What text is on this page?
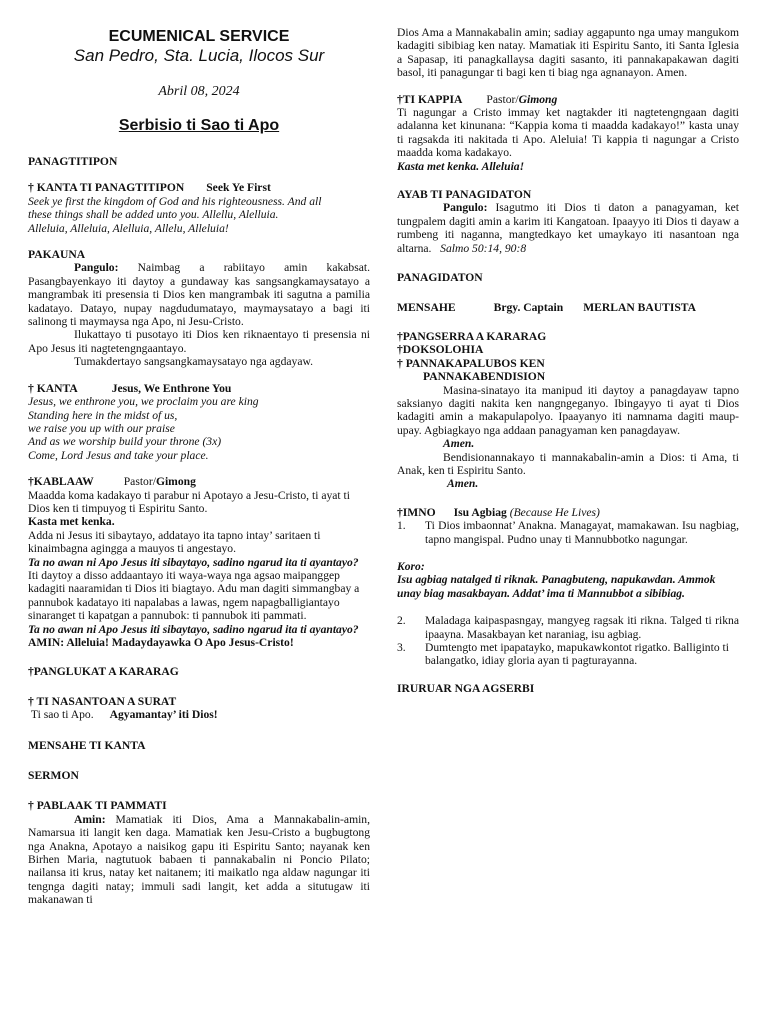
ECUMENICAL SERVICE
San Pedro, Sta. Lucia, Ilocos Sur
Abril 08, 2024
Serbisio ti Sao ti Apo

PANAGTITIPON

† KANTA TI PANAGTITIPON Seek Ye First

Seek ye first the kingdom of God and his righteousness. And all

these things shall be added unto you. Allellu, Alelluia.

Alleluia, Alleluia, Alelluia, Allelu, Alleluia!

PAKAUNA

Pangulo: Naimbag a rabiitayo amin kakabsat. Pasangbayenkayo iti daytoy a gundaway kas sangsangkamaysatayo a mangrambak iti presensia ti Dios ken mangrambak iti sagutna a pamilia kadatayo. Datayo, nupay nagdudumatayo, maymaysatayo a bagi iti salinong ti maymaysa nga Apo, ni Jesu-Cristo.

Ilukattayo ti pusotayo iti Dios ken riknaentayo ti presensia ni Apo Jesus iti nagtetengngaantayo.

Tumakdertayo sangsangkamaysatayo nga agdayaw.

† KANTA	Jesus, We Enthrone You

Jesus, we enthrone you, we proclaim you are king

Standing here in the midst of us,

we raise you up with our praise

And as we worship build your throne (3x)

Come, Lord Jesus and take your place.

†KABLAAW	Pastor/Gimong

Maadda koma kadakayo ti parabur ni Apotayo a Jesu-Cristo, ti ayat ti Dios ken ti timpuyog ti Espiritu Santo.

Kasta met kenka.

Adda ni Jesus iti sibaytayo, addatayo ita tapno intay’ saritaen ti kinaimbagna agingga a mauyos ti angestayo.

Ta no awan ni Apo Jesus iti sibaytayo, sadino ngarud ita ti ayantayo?

Iti daytoy a disso addaantayo iti waya-waya nga agsao maipanggep kadagiti naaramidan ti Dios iti biagtayo. Adu man dagiti simmangbay a pannubok kadatayo iti napalabas a lawas, ngem napagballigiantayo sinaranget ti kapatgan a pannubok: ti pannubok iti pammati.

Ta no awan ni Apo Jesus iti sibaytayo, sadino ngarud ita ti ayantayo?

AMIN: Alleluia! Madaydayawka O Apo Jesus-Cristo!

†PANGLUKAT A KARARAG

† TI NASANTOAN A SURAT

Ti sao ti Apo. Agyamantay’ iti Dios!

MENSAHE TI KANTA

SERMON

† PABLAAK TI PAMMATI

Amin: Mamatiak iti Dios, Ama a Mannakabalin-amin, Namarsua iti langit ken daga. Mamatiak ken Jesu-Cristo a bugbugtong nga Anakna, Apotayo a naisikog gapu iti Espiritu Santo; nayanak ken Birhen Maria, nagtutuok babaen ti pannakabalin ni Poncio Pilato; nailansa iti krus, natay ket naitanem; iti maikatlo nga aldaw nagungar iti tengnga dagiti natay; immuli sadi langit, ket adda a situtugaw iti makanawan ti

Dios Ama a Mannakabalin amin; sadiay aggapunto nga umay mangukom kadagiti sibibiag ken natay. Mamatiak iti Espiritu Santo, iti Santa Iglesia a Sapasap, iti panagkallaysa dagiti sasanto, iti pannakapakawan dagiti basol, iti panagungar ti bagi ken ti biag nga agnanayon. Amen.

†TI KAPPIA Pastor/Gimong

Ti nagungar a Cristo immay ket nagtakder iti nagtetengngaan dagiti adalanna ket kinunana: “Kappia koma ti maadda kadakayo!” kasta unay ti ragsakda iti nakitada ti Apo. Aleluia! Ti kappia ti nagungar a Cristo maadda koma kadakayo.

Kasta met kenka. Alleluia!

AYAB TI PANAGIDATON

Pangulo: Isagutmo iti Dios ti daton a panagyaman, ket tungpalem dagiti amin a karim iti Kangatoan. Ipaayyo iti Dios ti dayaw a rumbeng iti naganna, mangtedkayo ket umaykayo iti nasantoan nga altarna. Salmo 50:14, 90:8

PANAGIDATON

MENSAHE	Brgy. Captain MERLAN BAUTISTA

†PANGSERRA A KARARAG

†DOKSOLOHIA

† PANNAKAPALUBOS KEN

PANNAKABENDISION

Masina-sinatayo ita manipud iti daytoy a panagdayaw tapno saksianyo dagiti nakita ken nangngeganyo. Ibingayyo ti ayat ti Dios kadagiti amin a makapulapolyo. Ipaayanyo iti namnama dagiti maup-upay. Agbiagkayo nga addaan panagyaman ken panagdayaw.

Amen.

Bendisionannakayo ti mannakabalin-amin a Dios: ti Ama, ti Anak, ken ti Espiritu Santo.

Amen.

†IMNO Isu Agbiag (Because He Lives)

1.	Ti Dios imbaonnat’ Anakna. Managayat, mamakawan. Isu nagbiag, tapno mangispal. Pudno unay ti Mannubbotko nagungar.

Koro:

Isu agbiag natalged ti riknak. Panagbuteng, napukawdan. Ammok unay biag masakbayan. Addat’ ima ti Mannubbot a sibibiag.

2.	Maladaga kaipaspasngay, mangyeg ragsak iti rikna. Talged ti rikna ipaayna. Masakbayan ket naraniag, isu agbiag.
3.	Dumtengto met ipapatayko, mapukawkontot rigatko. Balliginto ti balangatko, idiay gloria ayan ti pagturayanna.

IRURUAR NGA AGSERBI
